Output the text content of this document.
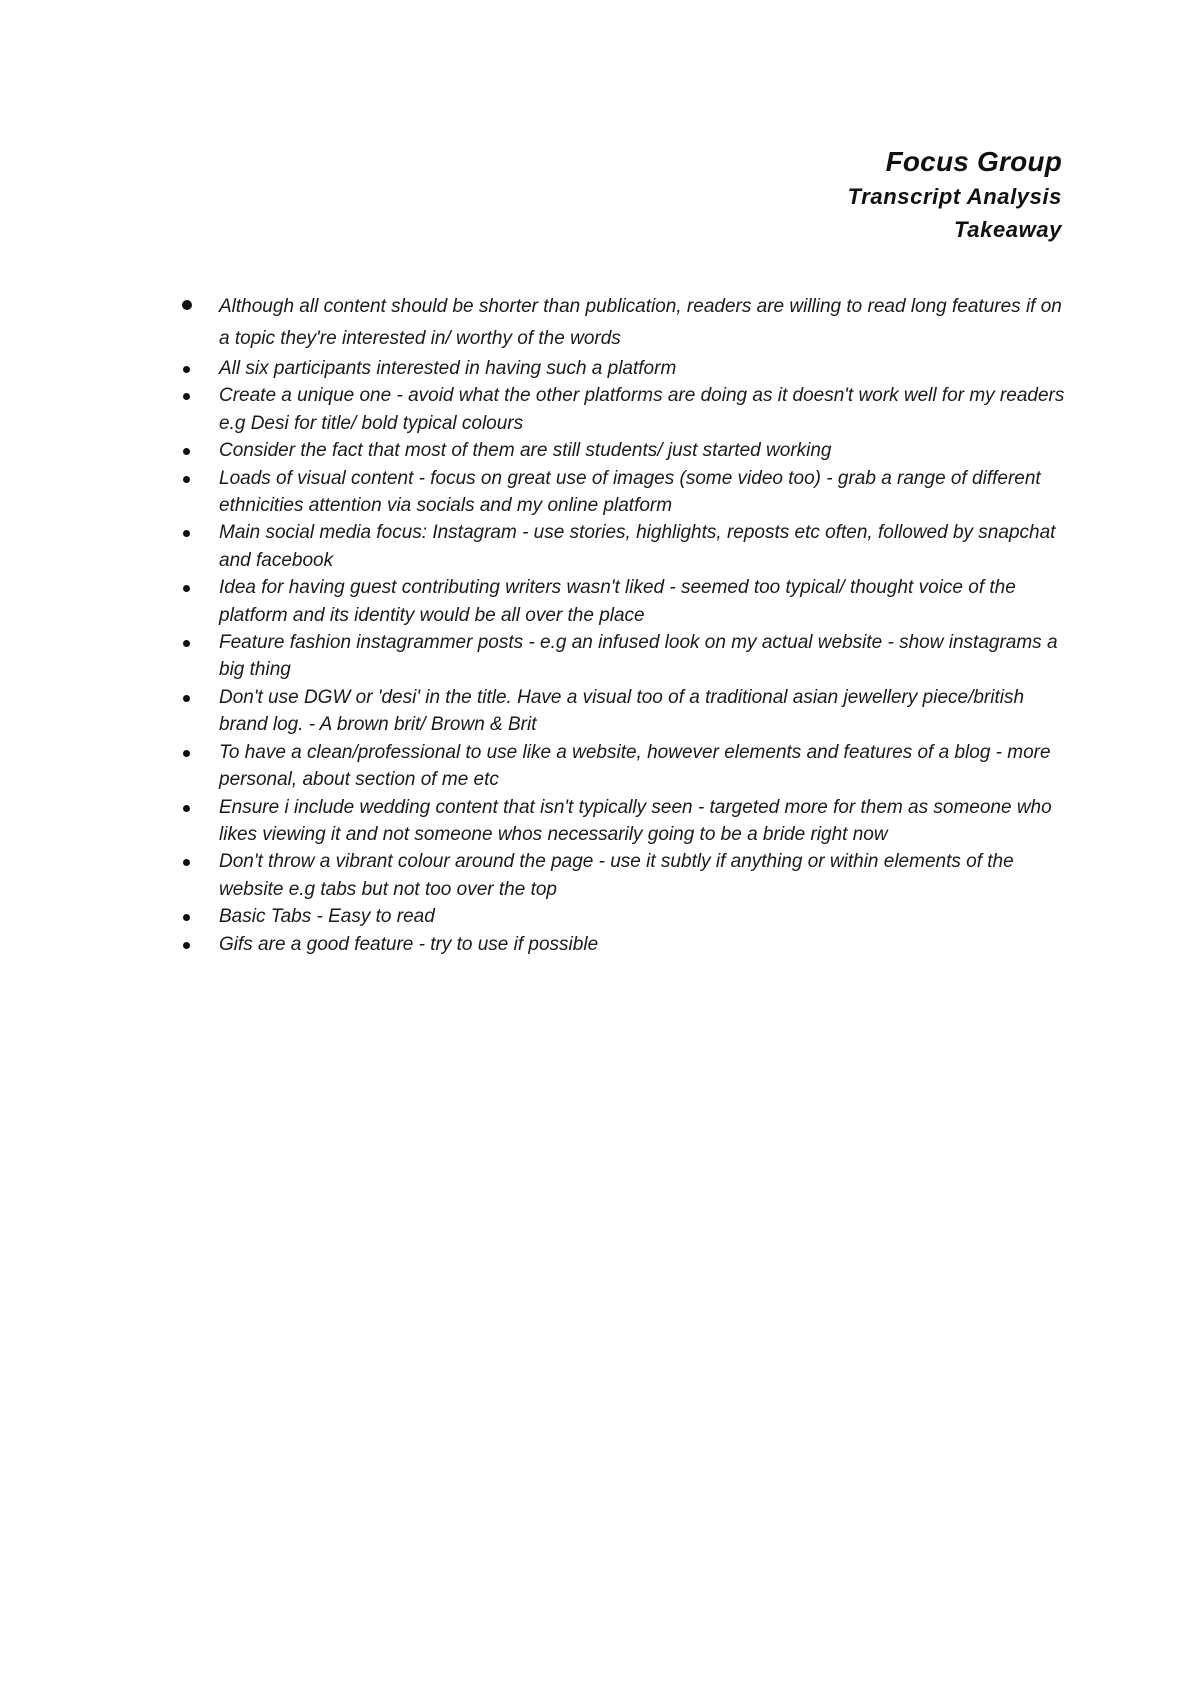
Focus Group
Transcript Analysis
Takeaway
Although all content should be shorter than publication, readers are willing to read long features if on a topic they're interested in/ worthy of the words
All six participants interested in having such a platform
Create a unique one - avoid what the other platforms are doing as it doesn't work well for my readers e.g Desi for title/ bold typical colours
Consider the fact that most of them are still students/ just started working
Loads of visual content - focus on great use of images (some video too) - grab a range of different ethnicities attention via socials and my online platform
Main social media focus: Instagram - use stories, highlights, reposts etc often, followed by snapchat and facebook
Idea for having guest contributing writers wasn't liked - seemed too typical/ thought voice of the platform and its identity would be all over the place
Feature fashion instagrammer posts - e.g an infused look on my actual website - show instagrams a big thing
Don't use DGW or 'desi' in the title. Have a visual too of a traditional asian jewellery piece/british brand log. - A brown brit/ Brown & Brit
To have a clean/professional to use like a website, however elements and features of a blog - more personal, about section of me etc
Ensure i include wedding content that isn't typically seen - targeted more for them as someone who likes viewing it and not someone whos necessarily going to be a bride right now
Don't throw a vibrant colour around the page - use it subtly if anything or within elements of the website e.g tabs but not too over the top
Basic Tabs - Easy to read
Gifs are a good feature - try to use if possible
